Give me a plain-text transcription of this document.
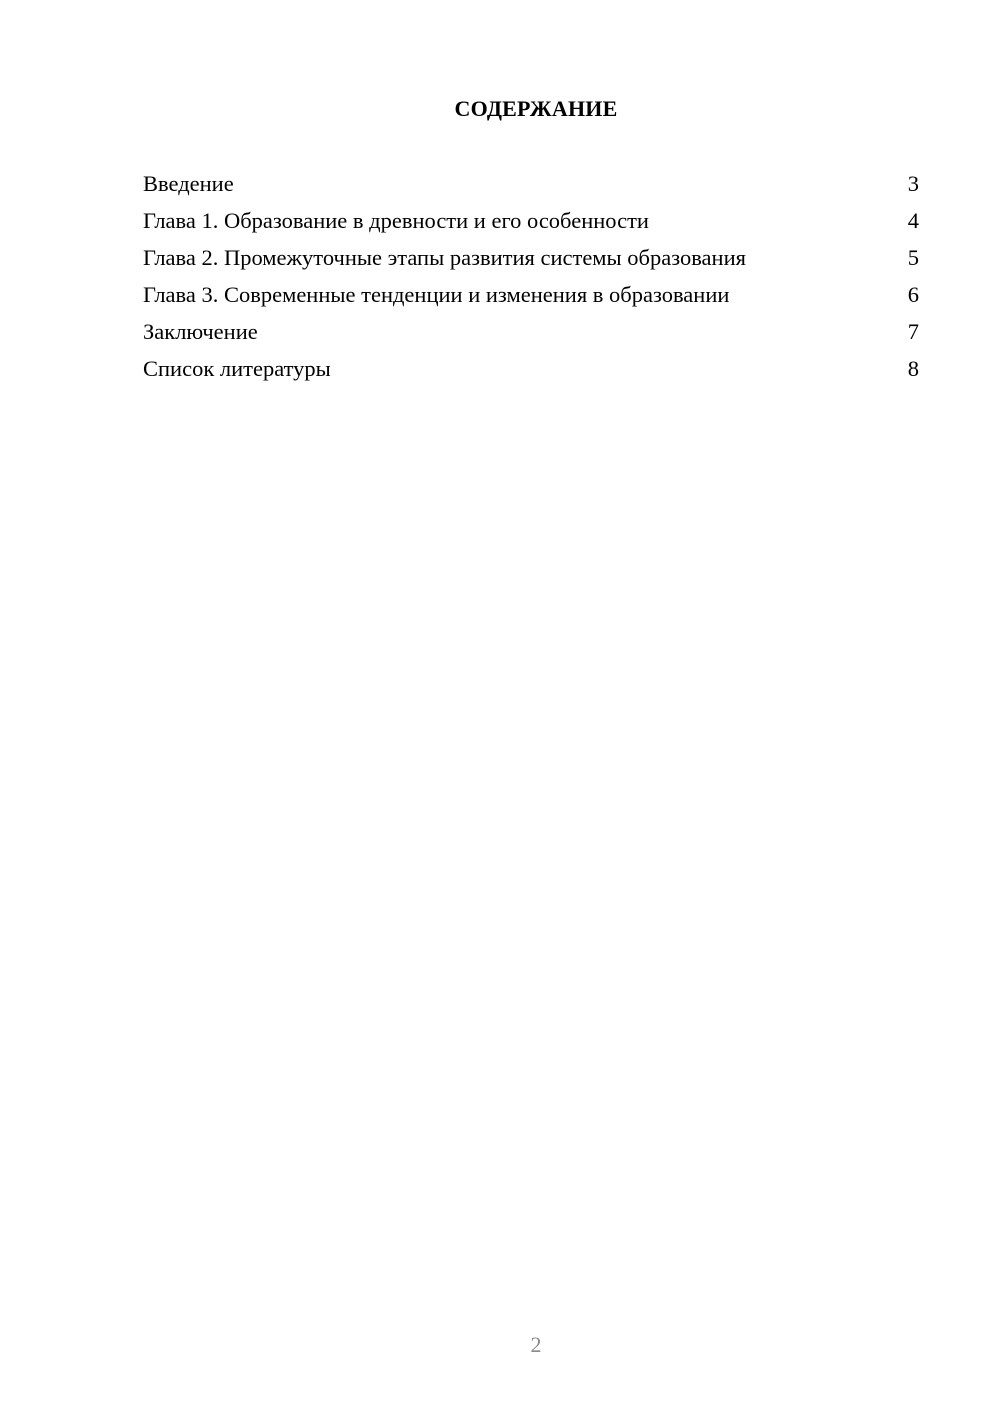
СОДЕРЖАНИЕ
Введение	3
Глава 1. Образование в древности и его особенности	4
Глава 2. Промежуточные этапы развития системы образования	5
Глава 3. Современные тенденции и изменения в образовании	6
Заключение	7
Список литературы	8
2
